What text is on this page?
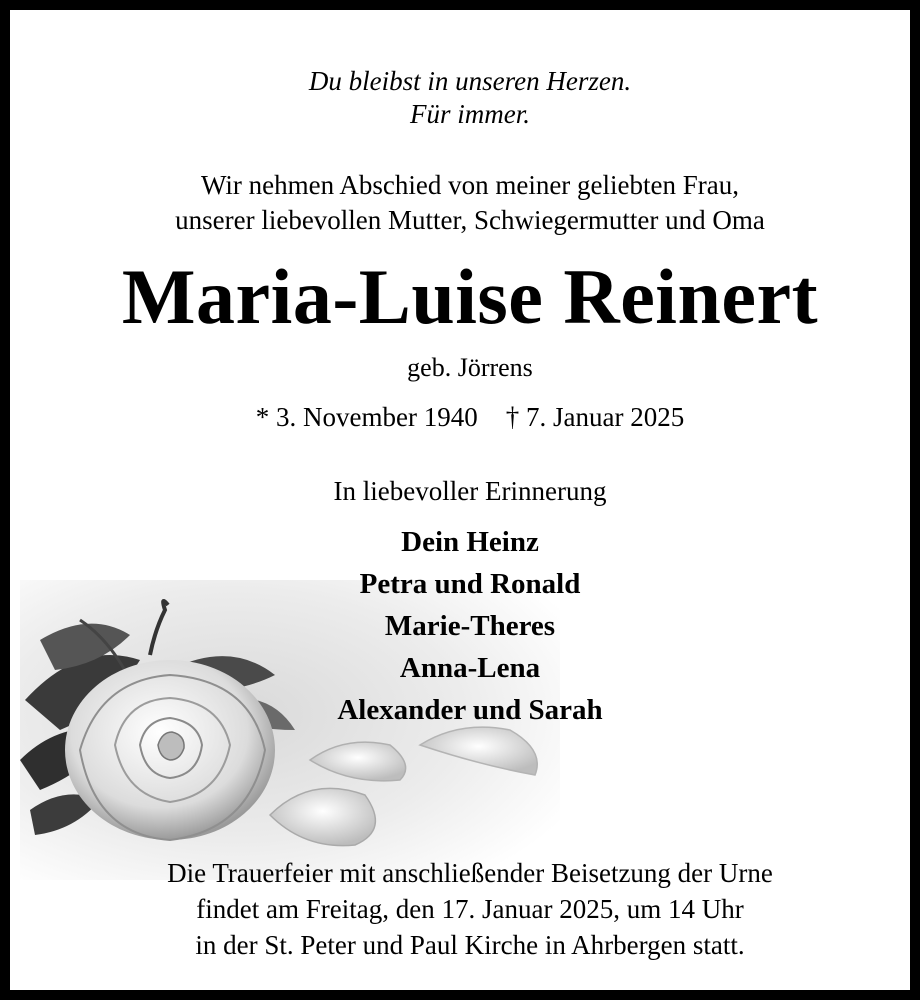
Du bleibst in unseren Herzen.
Für immer.
Wir nehmen Abschied von meiner geliebten Frau,
unserer liebevollen Mutter, Schwiegermutter und Oma
Maria-Luise Reinert
geb. Jörrens
* 3. November 1940 † 7. Januar 2025
In liebevoller Erinnerung
Dein Heinz
Petra und Ronald
Marie-Theres
Anna-Lena
Alexander und Sarah
Die Trauerfeier mit anschließender Beisetzung der Urne
findet am Freitag, den 17. Januar 2025, um 14 Uhr
in der St. Peter und Paul Kirche in Ahrbergen statt.
